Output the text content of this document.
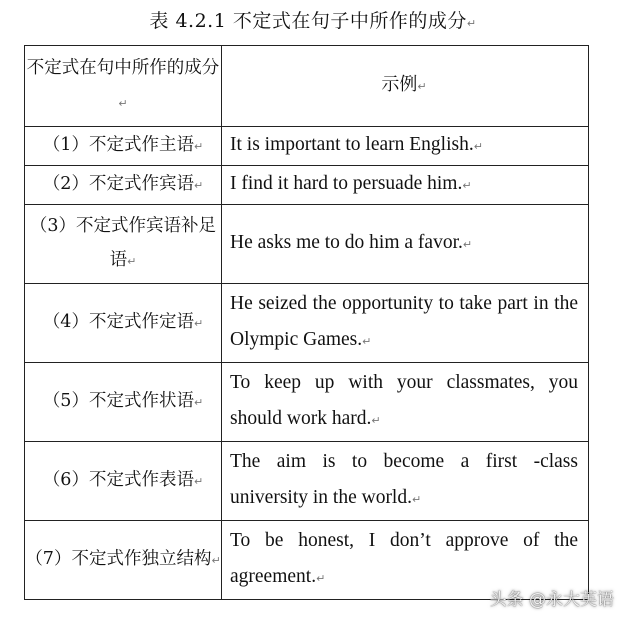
表 4.2.1 不定式在句子中所作的成分↵
不定式在句中所作的成分↵	示例↵
（1）不定式作主语↵	It is important to learn English.↵
（2）不定式作宾语↵	I find it hard to persuade him.↵
（3）不定式作宾语补足语↵	He asks me to do him a favor.↵
（4）不定式作定语↵	He seized the opportunity to take part in the Olympic Games.↵
（5）不定式作状语↵	To keep up with your classmates, you should work hard.↵
（6）不定式作表语↵	The aim is to become a first -class university in the world.↵
（7）不定式作独立结构↵	To be honest, I don’t approve of the agreement.↵
头条 @永大英语
